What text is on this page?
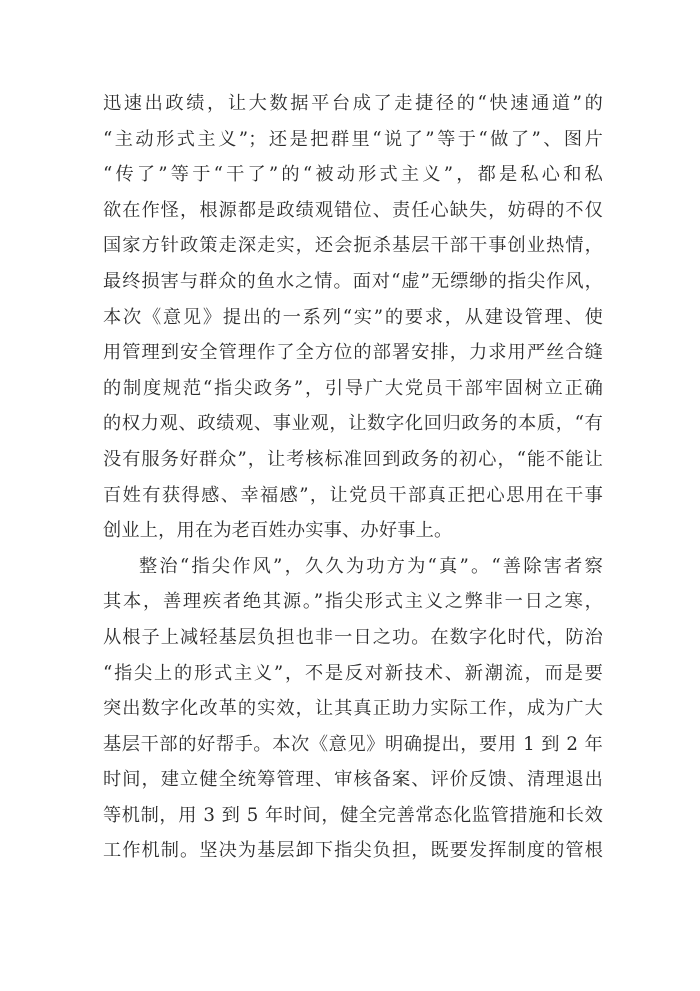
迅速出政绩，让大数据平台成了走捷径的“快速通道”的
“主动形式主义”；还是把群里“说了”等于“做了”、图片
“传了”等于“干了”的“被动形式主义”，都是私心和私
欲在作怪，根源都是政绩观错位、责任心缺失，妨碍的不仅
国家方针政策走深走实，还会扼杀基层干部干事创业热情，
最终损害与群众的鱼水之情。面对“虚”无缥缈的指尖作风，
本次《意见》提出的一系列“实”的要求，从建设管理、使
用管理到安全管理作了全方位的部署安排，力求用严丝合缝
的制度规范“指尖政务”，引导广大党员干部牢固树立正确
的权力观、政绩观、事业观，让数字化回归政务的本质，“有
没有服务好群众”，让考核标准回到政务的初心，“能不能让
百姓有获得感、幸福感”，让党员干部真正把心思用在干事
创业上，用在为老百姓办实事、办好事上。
整治“指尖作风”，久久为功方为“真”。“善除害者察
其本，善理疾者绝其源。”指尖形式主义之弊非一日之寒，
从根子上减轻基层负担也非一日之功。在数字化时代，防治
“指尖上的形式主义”，不是反对新技术、新潮流，而是要
突出数字化改革的实效，让其真正助力实际工作，成为广大
基层干部的好帮手。本次《意见》明确提出，要用 1 到 2 年
时间，建立健全统筹管理、审核备案、评价反馈、清理退出
等机制，用 3 到 5 年时间，健全完善常态化监管措施和长效
工作机制。坚决为基层卸下指尖负担，既要发挥制度的管根
